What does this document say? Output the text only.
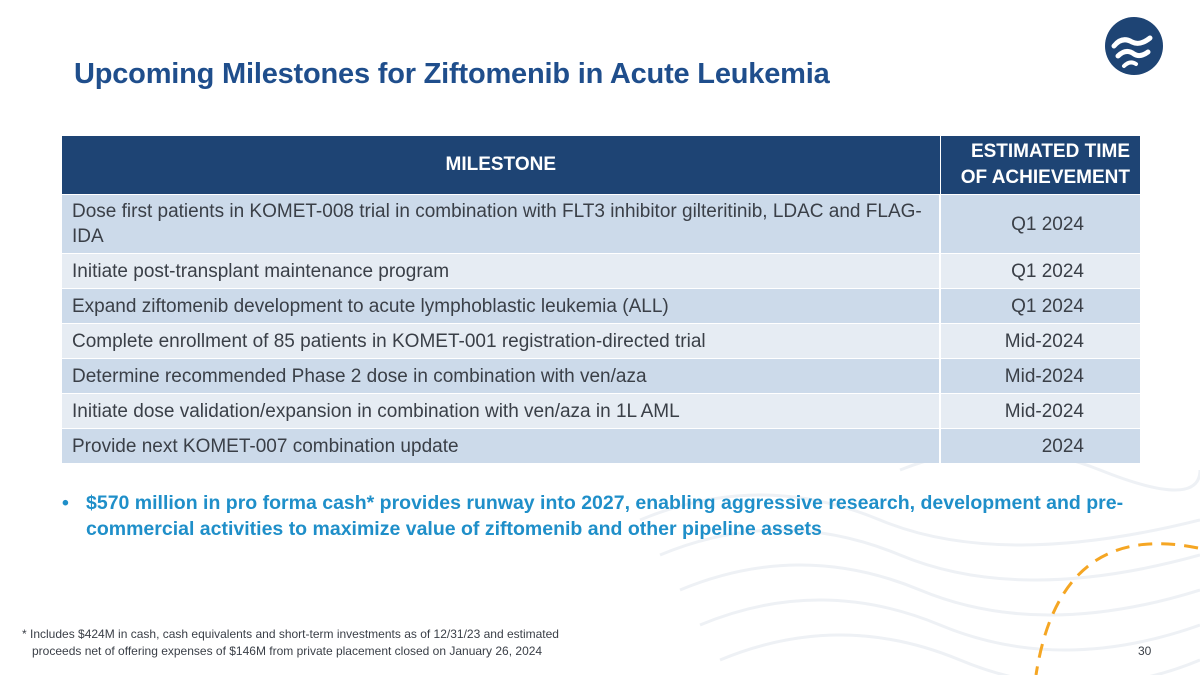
Upcoming Milestones for Ziftomenib in Acute Leukemia
MILESTONE	ESTIMATED TIME OF ACHIEVEMENT
Dose first patients in KOMET-008 trial in combination with FLT3 inhibitor gilteritinib, LDAC and FLAG-IDA	Q1 2024
Initiate post-transplant maintenance program	Q1 2024
Expand ziftomenib development to acute lymphoblastic leukemia (ALL)	Q1 2024
Complete enrollment of 85 patients in KOMET-001 registration-directed trial	Mid-2024
Determine recommended Phase 2 dose in combination with ven/aza	Mid-2024
Initiate dose validation/expansion in combination with ven/aza in 1L AML	Mid-2024
Provide next KOMET-007 combination update	2024
• $570 million in pro forma cash* provides runway into 2027, enabling aggressive research, development and pre-commercial activities to maximize value of ziftomenib and other pipeline assets
* Includes $424M in cash, cash equivalents and short-term investments as of 12/31/23 and estimated
proceeds net of offering expenses of $146M from private placement closed on January 26, 2024	30
